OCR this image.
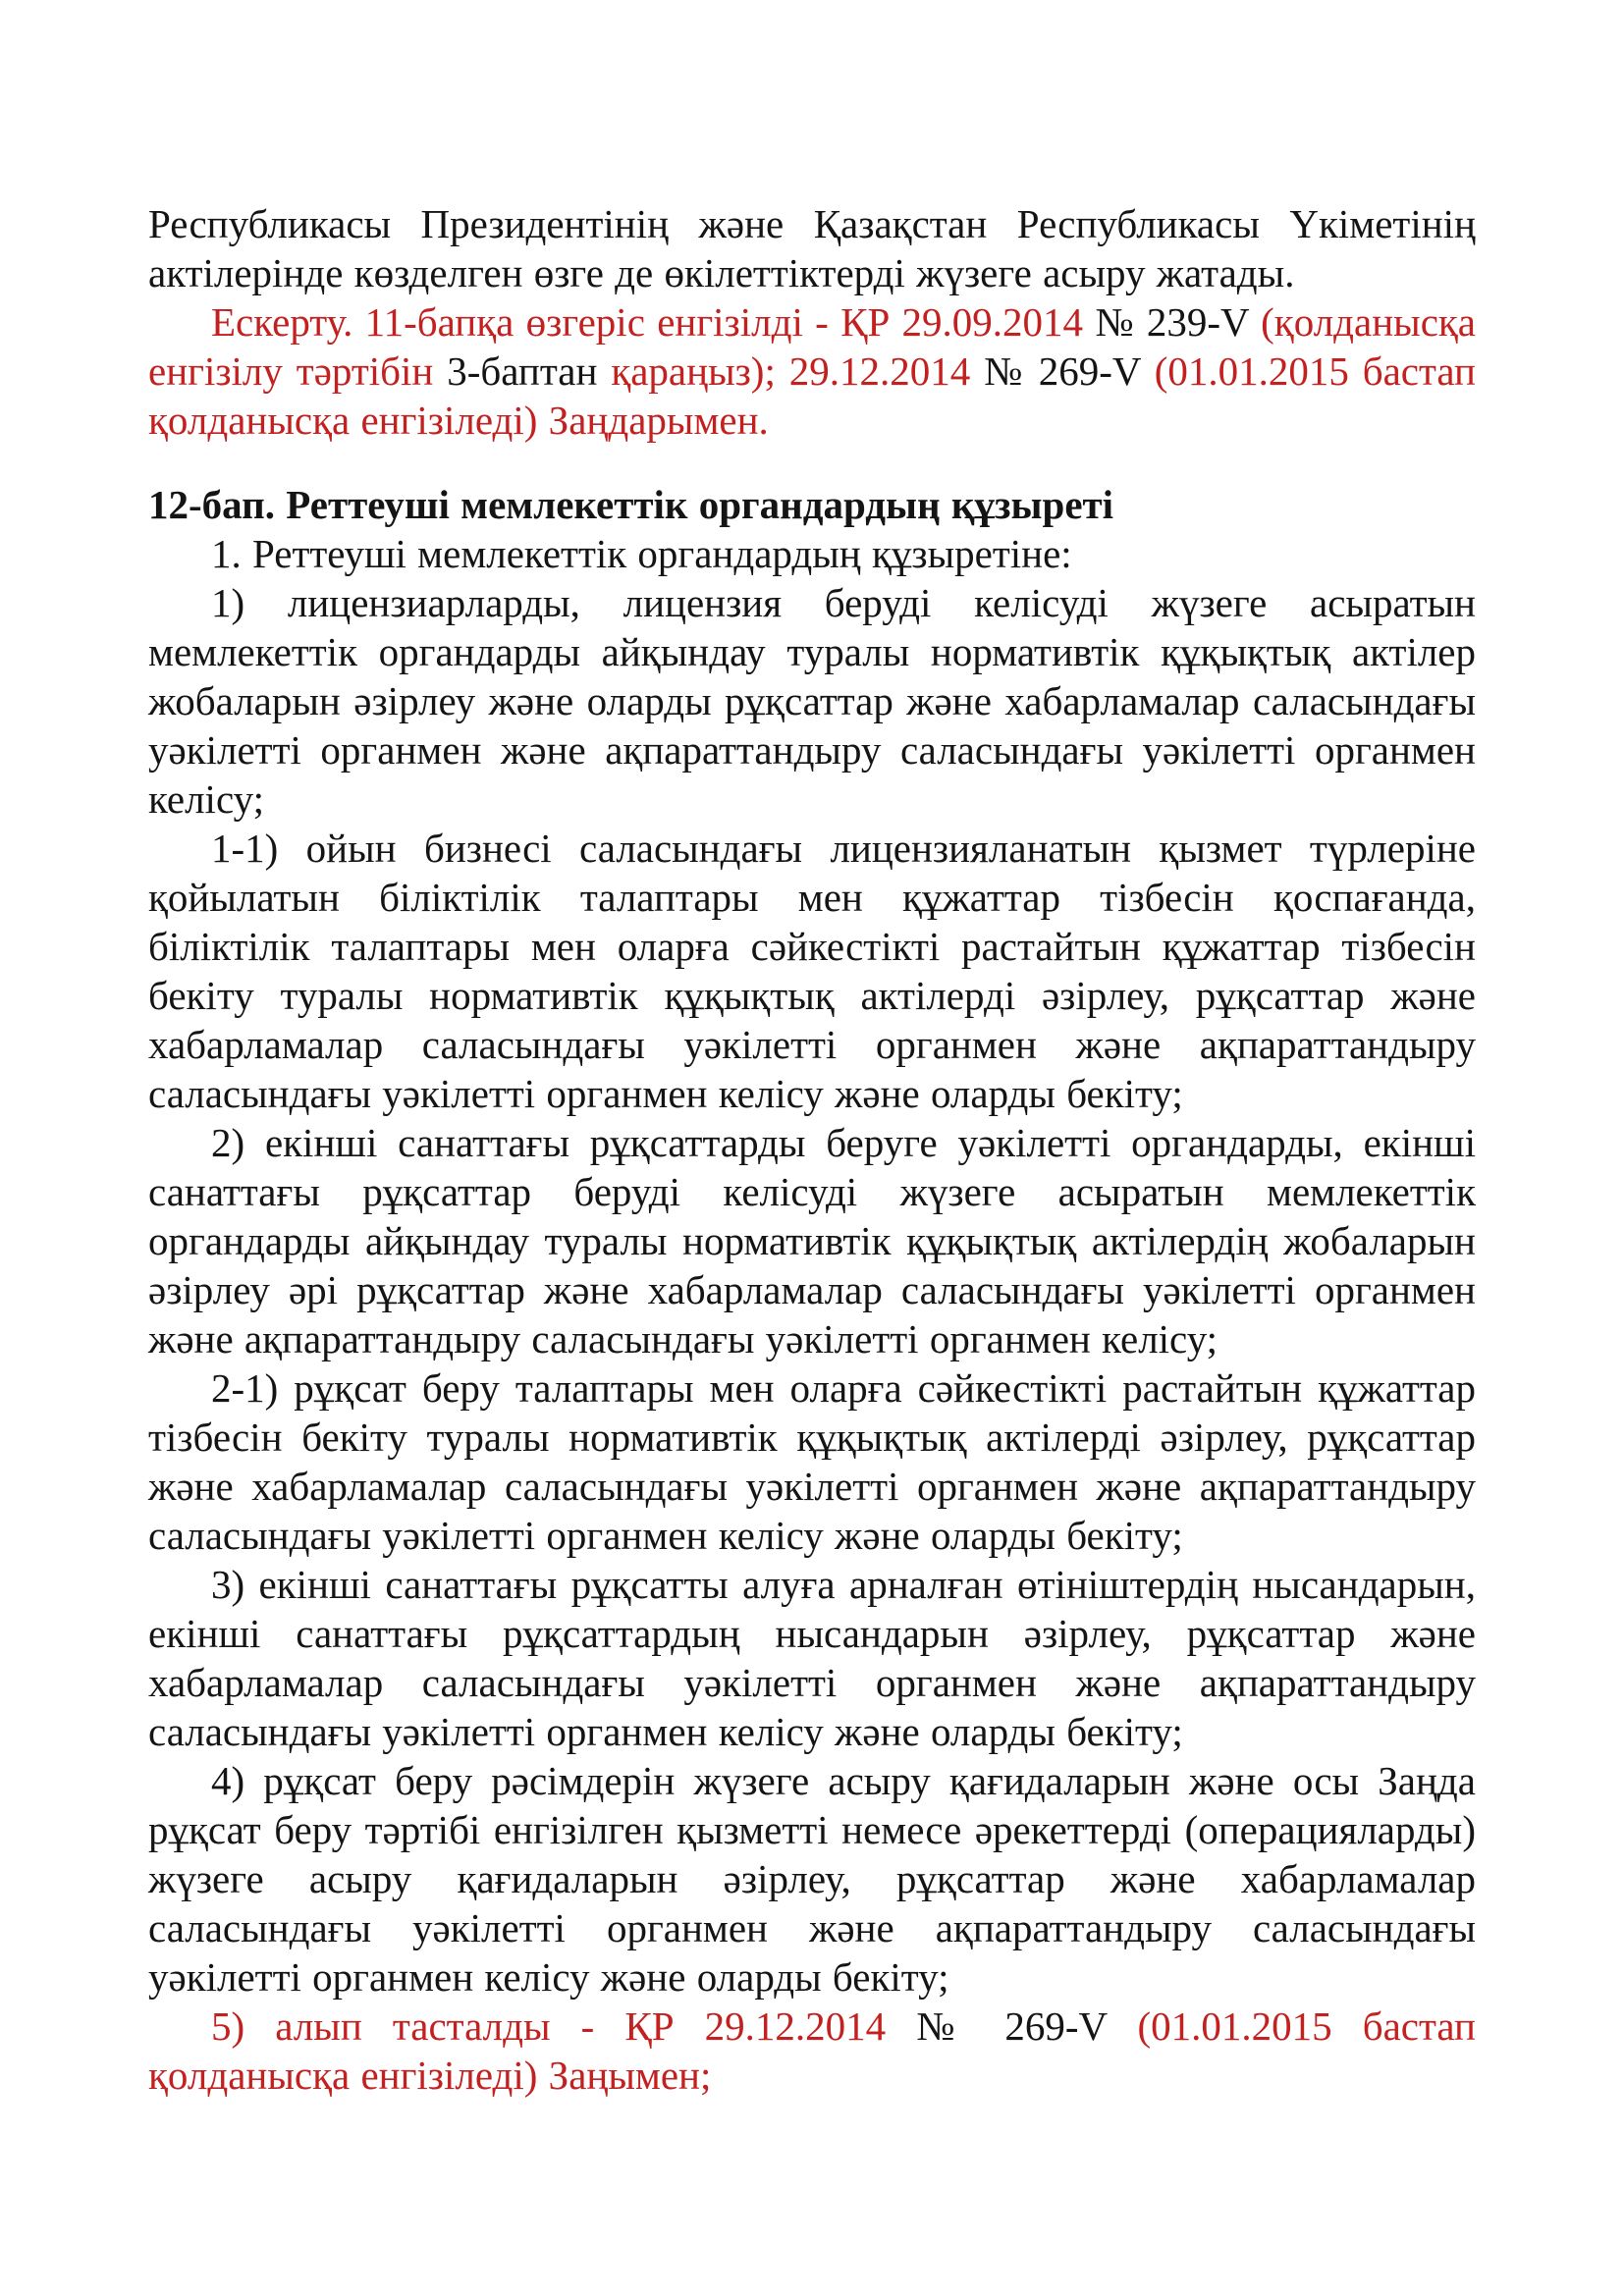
Республикасы Президентінің және Қазақстан Республикасы Үкіметінің актілерінде көзделген өзге де өкілеттіктерді жүзеге асыру жатады.

Ескерту. 11-бапқа өзгеріс енгізілді - ҚР 29.09.2014 № 239-V (қолданысқа енгізілу тәртібін 3-баптан қараңыз); 29.12.2014 № 269-V (01.01.2015 бастап қолданысқа енгізіледі) Заңдарымен.

12-бап. Реттеуші мемлекеттік органдардың құзыреті

1. Реттеуші мемлекеттік органдардың құзыретіне:

1) лицензиарларды, лицензия беруді келісуді жүзеге асыратын мемлекеттік органдарды айқындау туралы нормативтік құқықтық актілер жобаларын әзірлеу және оларды рұқсаттар және хабарламалар саласындағы уәкілетті органмен және ақпараттандыру саласындағы уәкілетті органмен келісу;

1-1) ойын бизнесі саласындағы лицензияланатын қызмет түрлеріне қойылатын біліктілік талаптары мен құжаттар тізбесін қоспағанда, біліктілік талаптары мен оларға сәйкестікті растайтын құжаттар тізбесін бекіту туралы нормативтік құқықтық актілерді әзірлеу, рұқсаттар және хабарламалар саласындағы уәкілетті органмен және ақпараттандыру саласындағы уәкілетті органмен келісу және оларды бекіту;

2) екінші санаттағы рұқсаттарды беруге уәкілетті органдарды, екінші санаттағы рұқсаттар беруді келісуді жүзеге асыратын мемлекеттік органдарды айқындау туралы нормативтік құқықтық актілердің жобаларын әзірлеу әрі рұқсаттар және хабарламалар саласындағы уәкілетті органмен және ақпараттандыру саласындағы уәкілетті органмен келісу;

2-1) рұқсат беру талаптары мен оларға сәйкестікті растайтын құжаттар тізбесін бекіту туралы нормативтік құқықтық актілерді әзірлеу, рұқсаттар және хабарламалар саласындағы уәкілетті органмен және ақпараттандыру саласындағы уәкілетті органмен келісу және оларды бекіту;

3) екінші санаттағы рұқсатты алуға арналған өтініштердің нысандарын, екінші санаттағы рұқсаттардың нысандарын әзірлеу, рұқсаттар және хабарламалар саласындағы уәкілетті органмен және ақпараттандыру саласындағы уәкілетті органмен келісу және оларды бекіту;

4) рұқсат беру рәсімдерін жүзеге асыру қағидаларын және осы Заңда рұқсат беру тәртібі енгізілген қызметті немесе әрекеттерді (операцияларды) жүзеге асыру қағидаларын әзірлеу, рұқсаттар және хабарламалар саласындағы уәкілетті органмен және ақпараттандыру саласындағы уәкілетті органмен келісу және оларды бекіту;

5) алып тасталды - ҚР 29.12.2014 № 269-V (01.01.2015 бастап қолданысқа енгізіледі) Заңымен;
